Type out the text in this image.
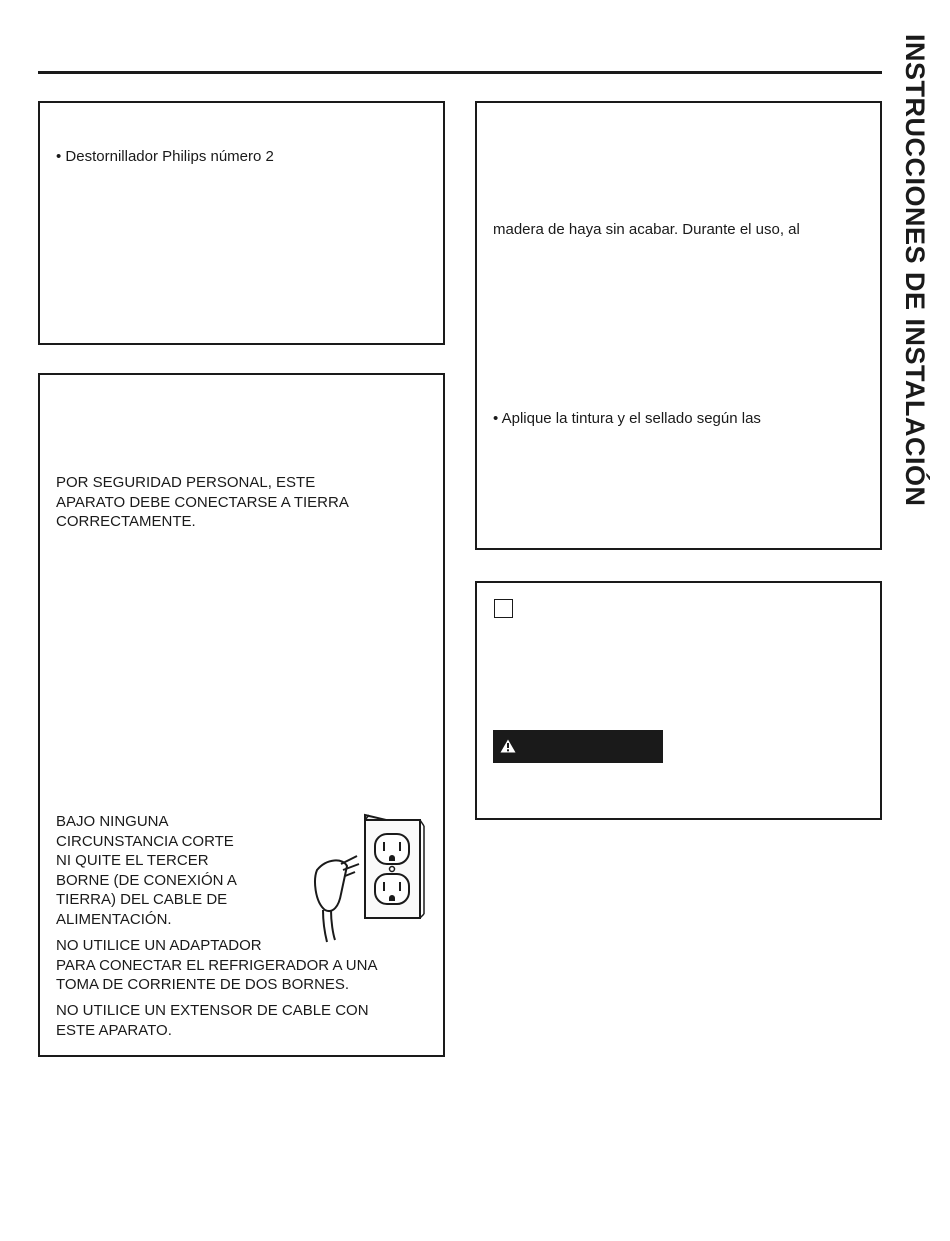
INSTRUCCIONES DE INSTALACIÓN

• Destornillador Philips número 2

POR SEGURIDAD PERSONAL, ESTE

APARATO DEBE CONECTARSE A TIERRA

CORRECTAMENTE.

BAJO NINGUNA

CIRCUNSTANCIA CORTE

NI QUITE EL TERCER

BORNE (DE CONEXIÓN A

TIERRA) DEL CABLE DE

ALIMENTACIÓN.

NO UTILICE UN ADAPTADOR

PARA CONECTAR EL REFRIGERADOR A UNA

TOMA DE CORRIENTE DE DOS BORNES.

NO UTILICE UN EXTENSOR DE CABLE CON

ESTE APARATO.

madera de haya sin acabar. Durante el uso, al

• Aplique la tintura y el sellado según las
